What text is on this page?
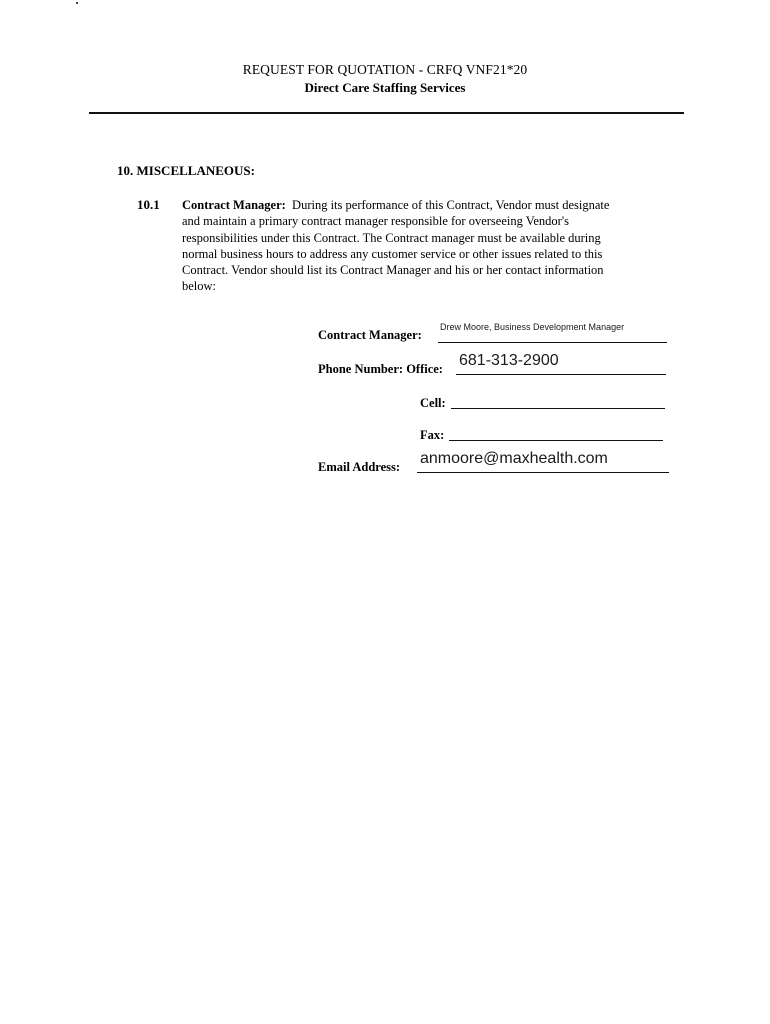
REQUEST FOR QUOTATION - CRFQ VNF21*20
Direct Care Staffing Services
10. MISCELLANEOUS:
10.1 Contract Manager: During its performance of this Contract, Vendor must designate
and maintain a primary contract manager responsible for overseeing Vendor's
responsibilities under this Contract. The Contract manager must be available during
normal business hours to address any customer service or other issues related to this
Contract. Vendor should list its Contract Manager and his or her contact information
below:
Contract Manager:
Drew Moore, Business Development Manager
Phone Number: Office: 681-313-2900
Cell:
Fax:
Email Address: anmoore@maxhealth.com
